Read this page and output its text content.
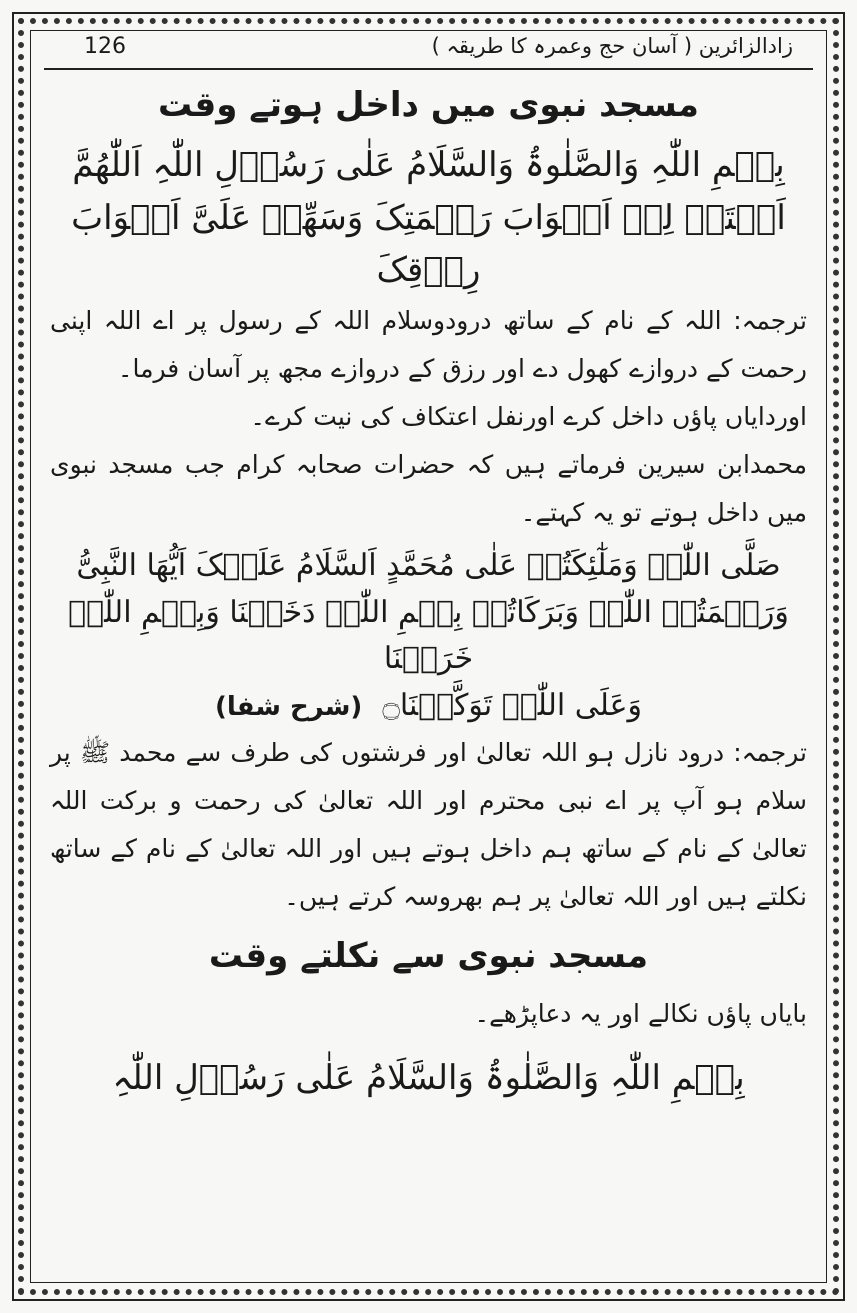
زادالزائرین ( آسان حج وعمرہ کا طریقہ )
126
مسجد نبوی میں داخل ہوتے وقت
بِسۡمِ اللّٰہِ وَالصَّلٰوۃُ وَالسَّلَامُ عَلٰی رَسُوۡلِ اللّٰہِ اَللّٰھُمَّ
اَفۡتَحۡ لِیۡ اَبۡوَابَ رَحۡمَتِکَ وَسَھِّلۡ عَلَیَّ اَبۡوَابَ رِزۡقِکَ
ترجمہ: اللہ کے نام کے ساتھ درودوسلام اللہ کے رسول پر اے اللہ اپنی رحمت کے دروازے کھول دے اور رزق کے دروازے مجھ پر آسان فرما۔
اوردایاں پاؤں داخل کرے اورنفل اعتکاف کی نیت کرے۔
محمدابن سیرین فرماتے ہیں کہ حضرات صحابہ کرام جب مسجد نبوی میں داخل ہوتے تو یہ کہتے۔
صَلَّی اللّٰہُ وَمَلٰٓئِکَتُہٗ عَلٰی مُحَمَّدٍ اَلسَّلَامُ عَلَیۡکَ اَیُّھَا النَّبِیُّ
وَرَحۡمَتُہُ اللّٰہِ وَبَرَکَاتُہٗ بِسۡمِ اللّٰہِ دَخَلۡنَا وَبِسۡمِ اللّٰہِ خَرَجۡنَا
وَعَلَی اللّٰہِ تَوَکَّلۡنَا۝
(شرح شفا)
ترجمہ: درود نازل ہو اللہ تعالیٰ اور فرشتوں کی طرف سے محمد ﷺ پر سلام ہو آپ پر اے نبی محترم اور اللہ تعالیٰ کی رحمت و برکت اللہ تعالیٰ کے نام کے ساتھ ہم داخل ہوتے ہیں اور اللہ تعالیٰ کے نام کے ساتھ نکلتے ہیں اور اللہ تعالیٰ پر ہم بھروسہ کرتے ہیں۔
مسجد نبوی سے نکلتے وقت
بایاں پاؤں نکالے اور یہ دعاپڑھے۔
بِسۡمِ اللّٰہِ وَالصَّلٰوۃُ وَالسَّلَامُ عَلٰی رَسُوۡلِ اللّٰہِ
